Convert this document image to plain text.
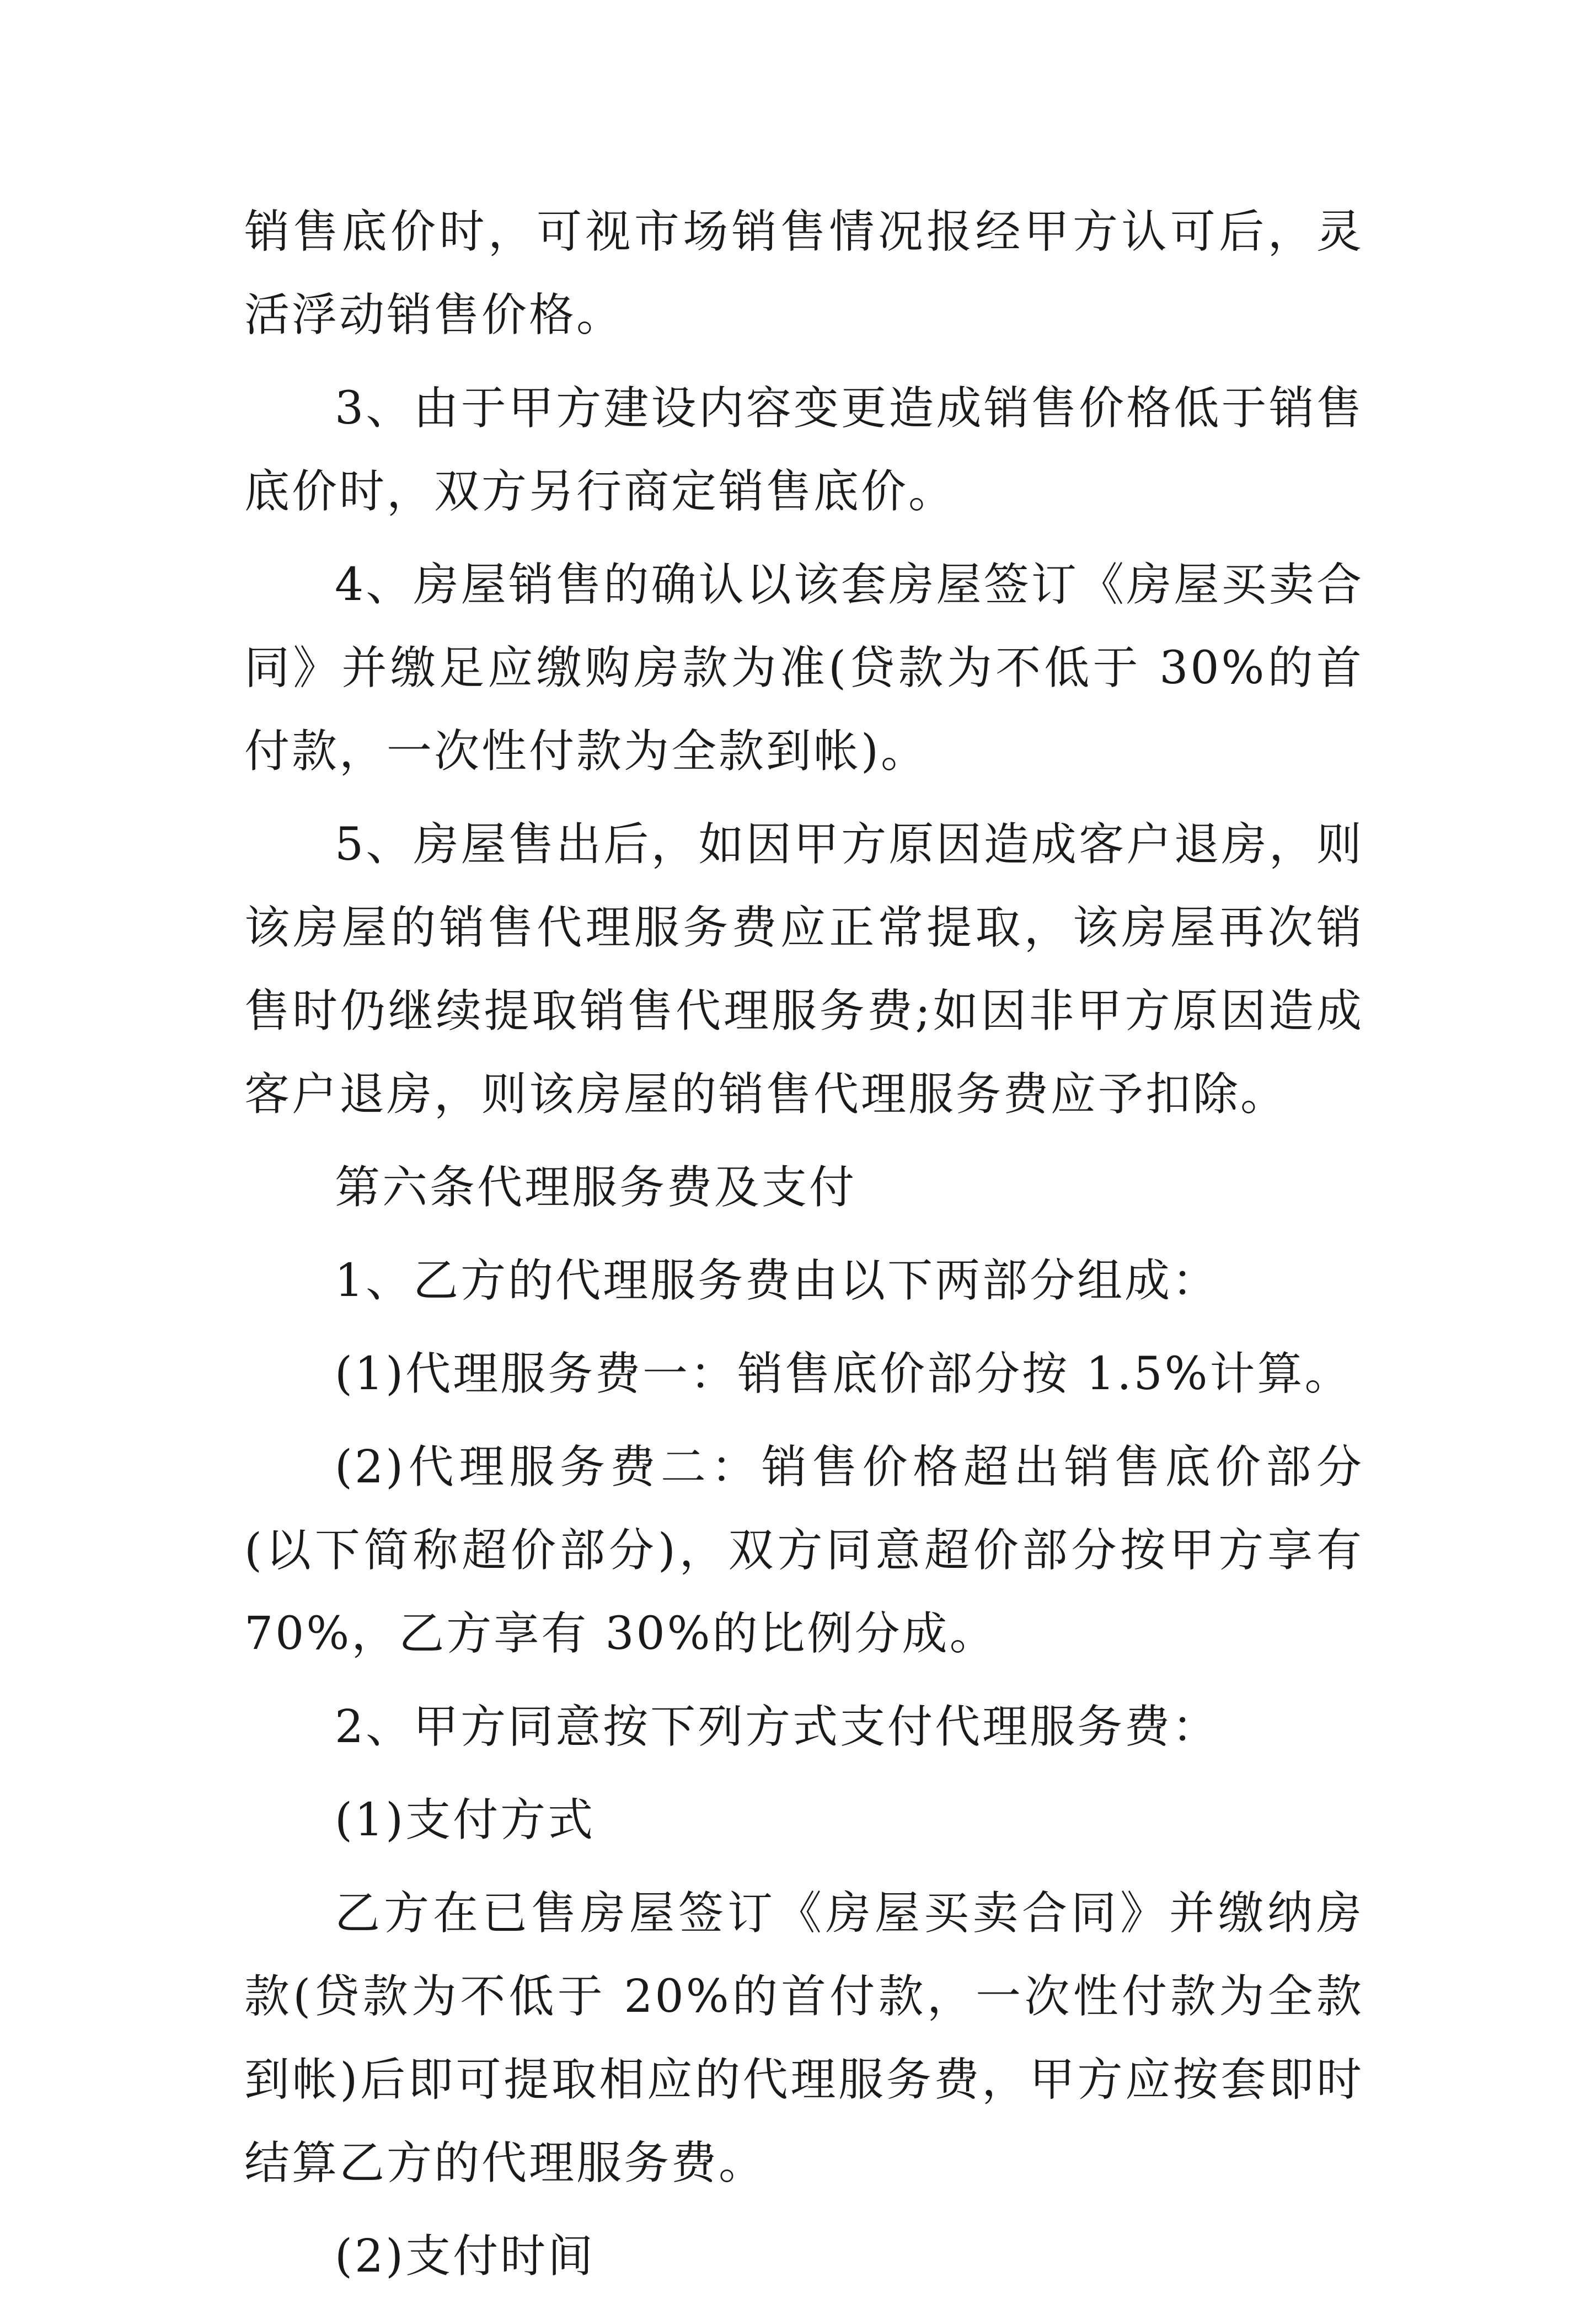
销售底价时，可视市场销售情况报经甲方认可后，灵活浮动销售价格。

3、由于甲方建设内容变更造成销售价格低于销售底价时，双方另行商定销售底价。

4、房屋销售的确认以该套房屋签订《房屋买卖合同》并缴足应缴购房款为准(贷款为不低于 30%的首付款，一次性付款为全款到帐)。

5、房屋售出后，如因甲方原因造成客户退房，则该房屋的销售代理服务费应正常提取，该房屋再次销售时仍继续提取销售代理服务费;如因非甲方原因造成客户退房，则该房屋的销售代理服务费应予扣除。

第六条代理服务费及支付

1、乙方的代理服务费由以下两部分组成：

(1)代理服务费一：销售底价部分按 1.5%计算。

(2)代理服务费二：销售价格超出销售底价部分(以下简称超价部分)，双方同意超价部分按甲方享有 70%，乙方享有 30%的比例分成。

2、甲方同意按下列方式支付代理服务费：

(1)支付方式

乙方在已售房屋签订《房屋买卖合同》并缴纳房款(贷款为不低于 20%的首付款，一次性付款为全款到帐)后即可提取相应的代理服务费，甲方应按套即时结算乙方的代理服务费。

(2)支付时间
